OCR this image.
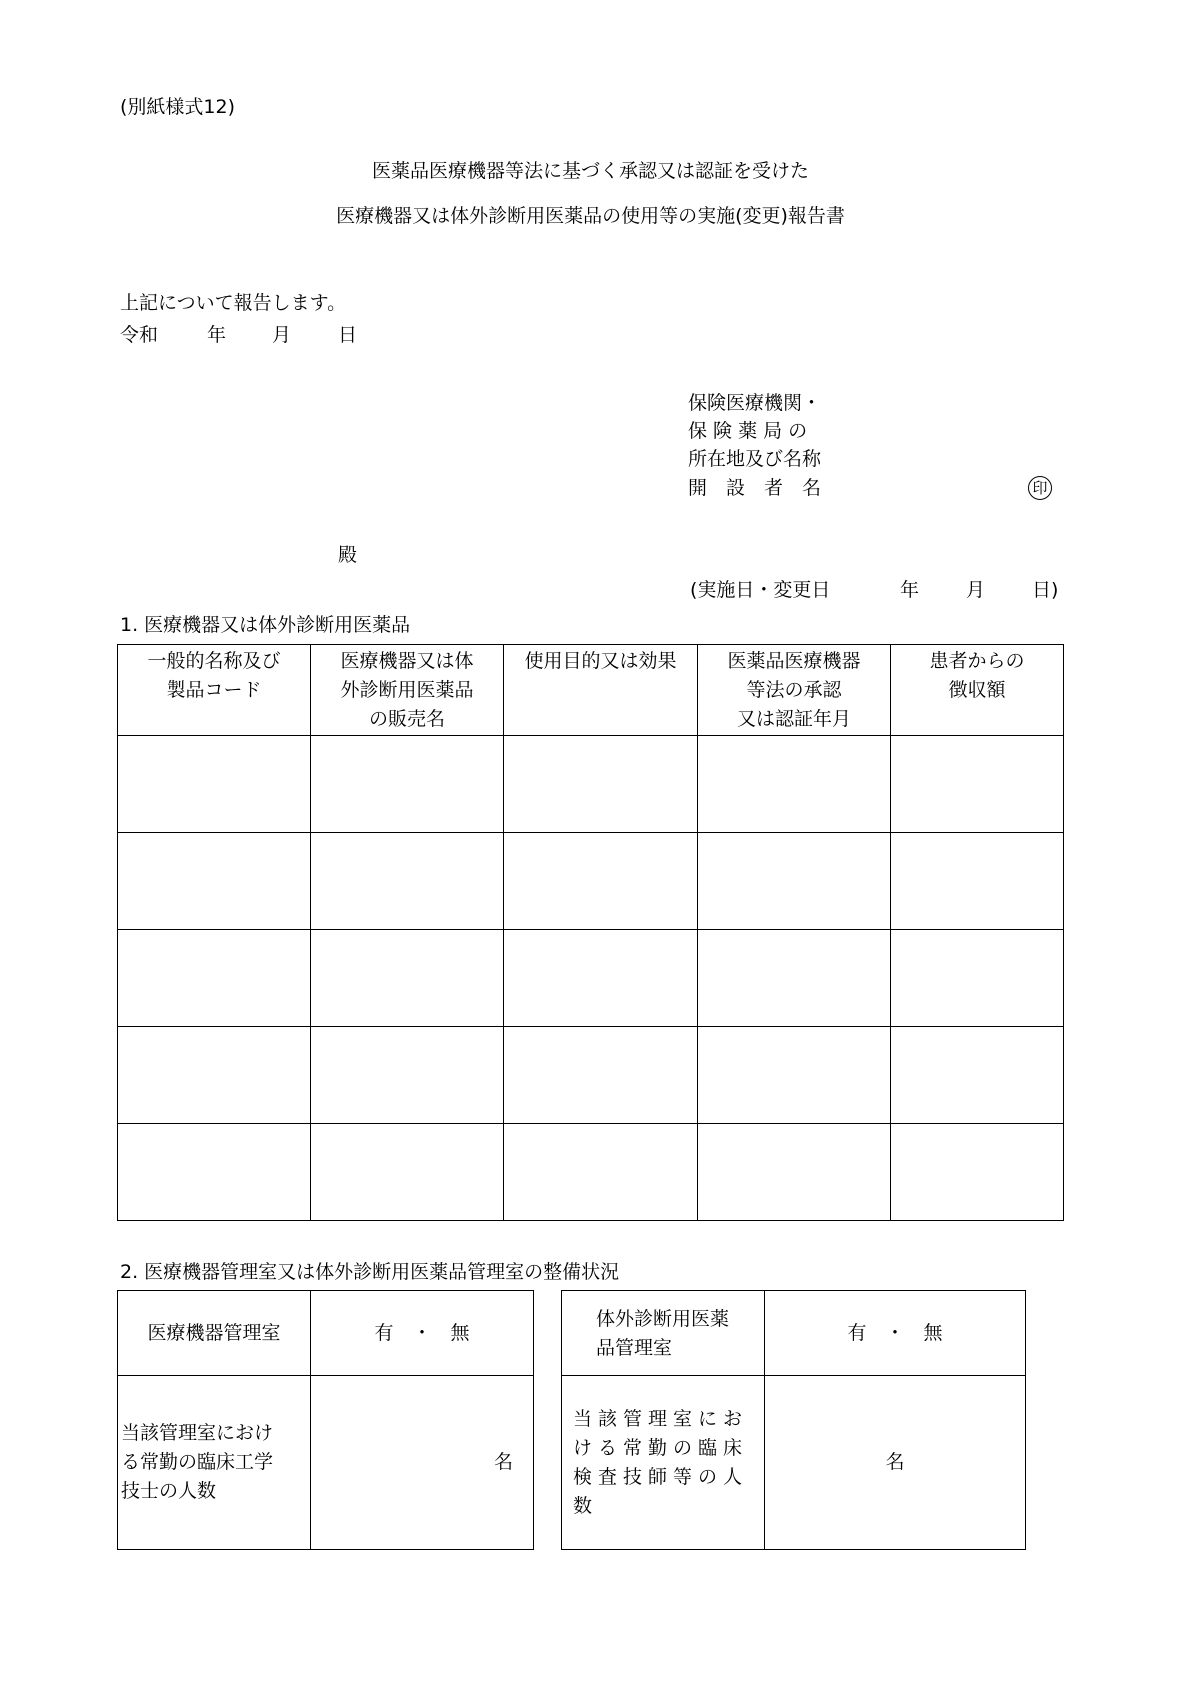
(別紙様式12)
医薬品医療機器等法に基づく承認又は認証を受けた
医療機器又は体外診断用医薬品の使用等の実施(変更)報告書
上記について報告します。
令和	年 月 日
保険医療機関・
保 険 薬 局 の
所在地及び名称
開　設　者　名	印
殿
(実施日・変更日	年 月 日)
1. 医療機器又は体外診断用医薬品
一般的名称及び
製品コード	医療機器又は体
外診断用医薬品
の販売名	使用目的又は効果	医薬品医療機器
等法の承認
又は認証年月	患者からの
徴収額

2. 医療機器管理室又は体外診断用医薬品管理室の整備状況
医療機器管理室	有　・　無

当該管理室におけ
る常勤の臨床工学
技士の人数	名
体外診断用医薬
品管理室	有　・　無

当該管理室にお
ける常勤の臨床
検査技師等の人
数	名
